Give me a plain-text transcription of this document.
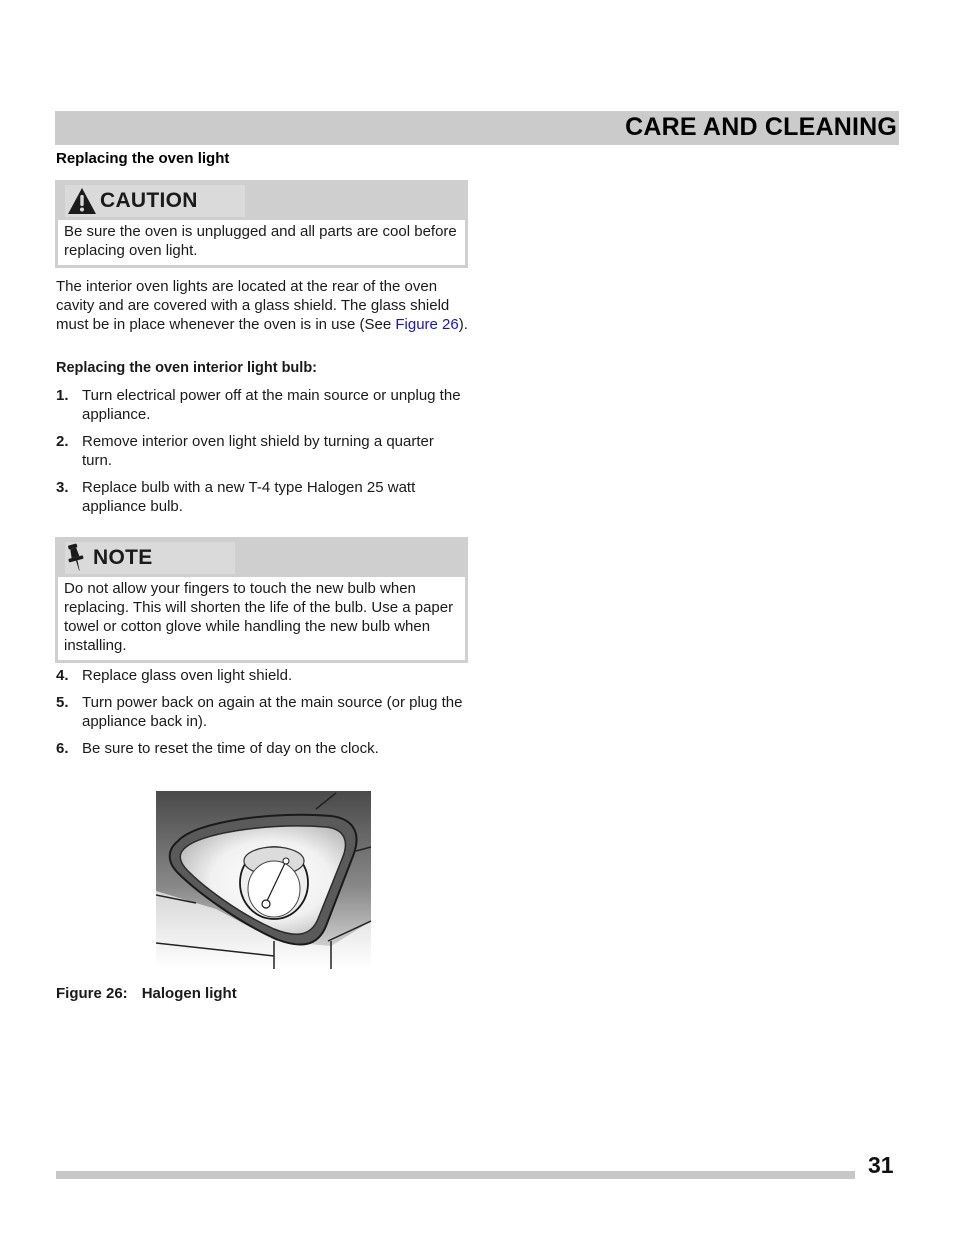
CARE AND CLEANING
Replacing the oven light
CAUTION
Be sure the oven is unplugged and all parts are cool before replacing oven light.

The interior oven lights are located at the rear of the oven cavity and are covered with a glass shield. The glass shield must be in place whenever the oven is in use (See Figure 26).

Replacing the oven interior light bulb:
1. Turn electrical power off at the main source or unplug the appliance.
2. Remove interior oven light shield by turning a quarter turn.
3. Replace bulb with a new T-4 type Halogen 25 watt appliance bulb.
NOTE
Do not allow your fingers to touch the new bulb when replacing. This will shorten the life of the bulb. Use a paper towel or cotton glove while handling the new bulb when installing.
4. Replace glass oven light shield.
5. Turn power back on again at the main source (or plug the appliance back in).
6. Be sure to reset the time of day on the clock.

Figure 26: Halogen light

31
